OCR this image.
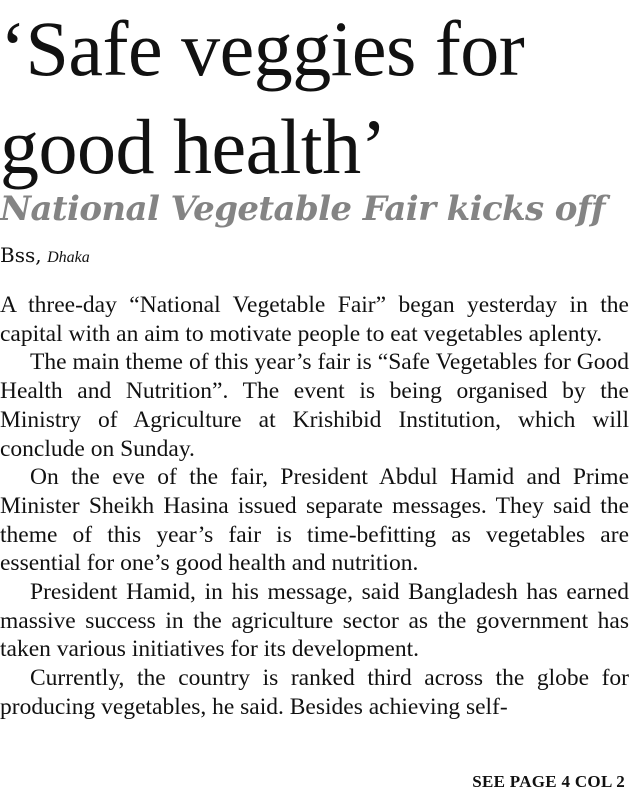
‘Safe veggies for good health’
National Vegetable Fair kicks off
Bss, Dhaka

A three-day “National Vegetable Fair” began yesterday in the capital with an aim to motivate people to eat vegetables aplenty.

The main theme of this year’s fair is “Safe Vegetables for Good Health and Nutrition”. The event is being organised by the Ministry of Agriculture at Krishibid Institution, which will conclude on Sunday.

On the eve of the fair, President Abdul Hamid and Prime Minister Sheikh Hasina issued separate messages. They said the theme of this year’s fair is time-befitting as vegetables are essential for one’s good health and nutrition.

President Hamid, in his message, said Bangladesh has earned massive success in the agriculture sector as the government has taken various initiatives for its development.

Currently, the country is ranked third across the globe for producing vegetables, he said. Besides achieving self-

SEE PAGE 4 COL 2
